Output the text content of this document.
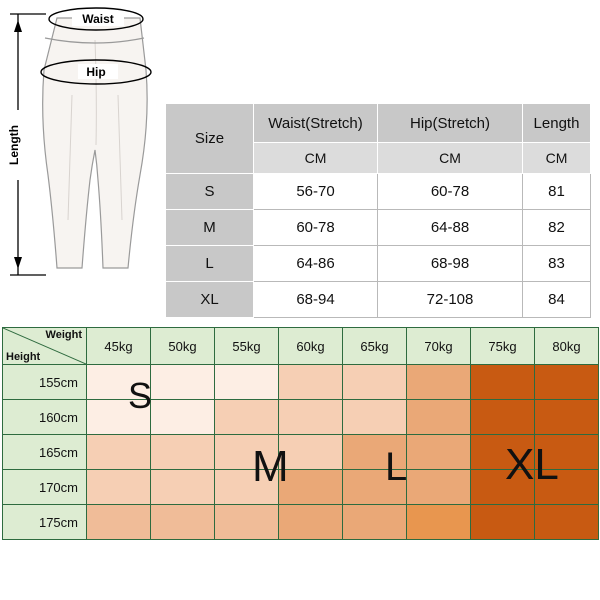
Waist
Hip
Length	Size	Waist(Stretch)	Hip(Stretch)	Length
	CM	CM	CM
S	56-70	60-78	81
M	60-78	64-88	82
L	64-86	68-98	83
XL	68-94	72-108	84
Weight
Height	45kg	50kg	55kg	60kg	65kg	70kg	75kg	80kg
155cm								
160cm								
165cm								
170cm								
175cm								
S
M L XL
